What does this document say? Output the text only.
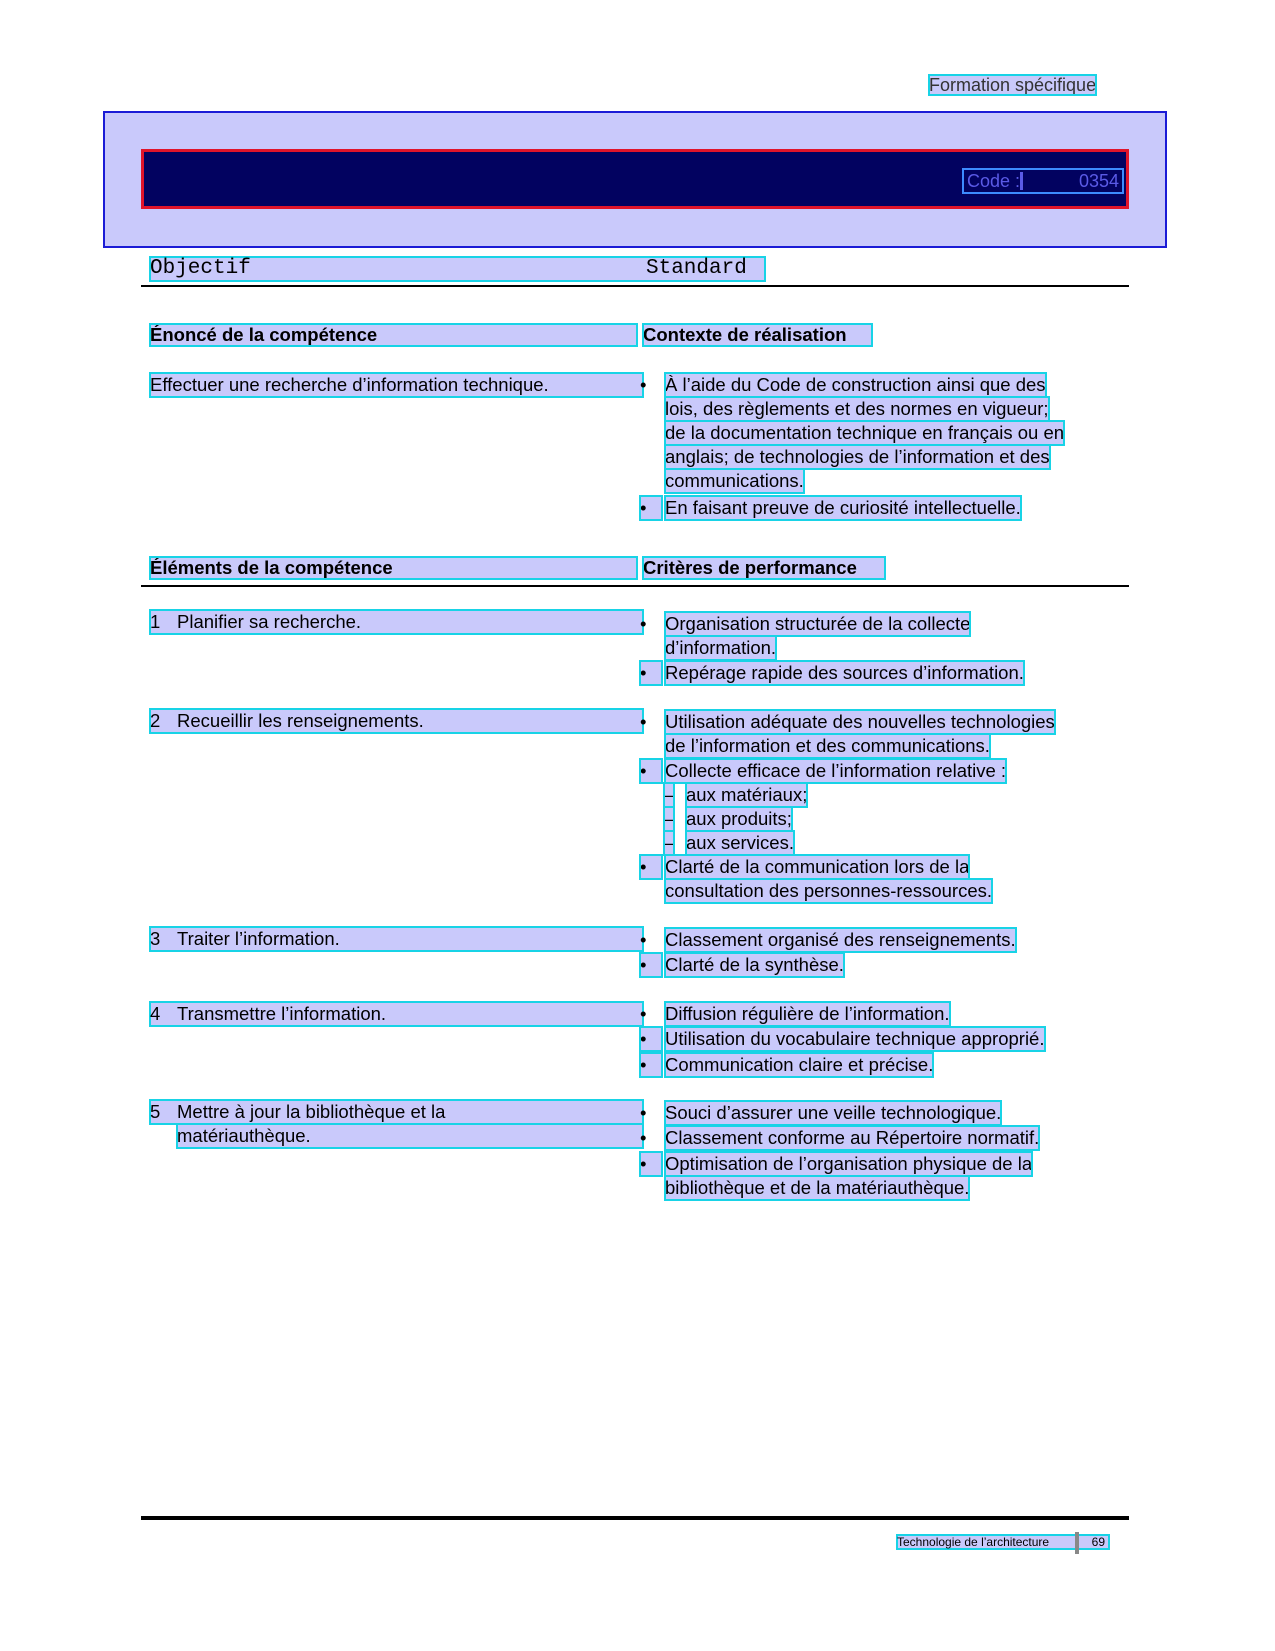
Formation spécifique
Code :	0354
Objectif	Standard
Énoncé de la compétence	Contexte de réalisation
Effectuer une recherche d’information technique.	•	À l’aide du Code de construction ainsi que des
lois, des règlements et des normes en vigueur;
de la documentation technique en français ou en
anglais; de technologies de l’information et des
communications.
•	En faisant preuve de curiosité intellectuelle.
Éléments de la compétence	Critères de performance
1 Planifier sa recherche.	•	Organisation structurée de la collecte
d’information.
•	Repérage rapide des sources d’information.
2 Recueillir les renseignements.	•	Utilisation adéquate des nouvelles technologies
de l’information et des communications.
•	Collecte efficace de l’information relative :
– aux matériaux;
– aux produits;
– aux services.
•	Clarté de la communication lors de la
consultation des personnes-ressources.
3 Traiter l’information.	•	Classement organisé des renseignements.
•	Clarté de la synthèse.
4 Transmettre l’information.	•	Diffusion régulière de l’information.
•	Utilisation du vocabulaire technique approprié.
•	Communication claire et précise.
5 Mettre à jour la bibliothèque et la
matériauthèque.
•	Souci d’assurer une veille technologique.
•	Classement conforme au Répertoire normatif.
•	Optimisation de l’organisation physique de la
bibliothèque et de la matériauthèque.
Technologie de l’architecture	69
